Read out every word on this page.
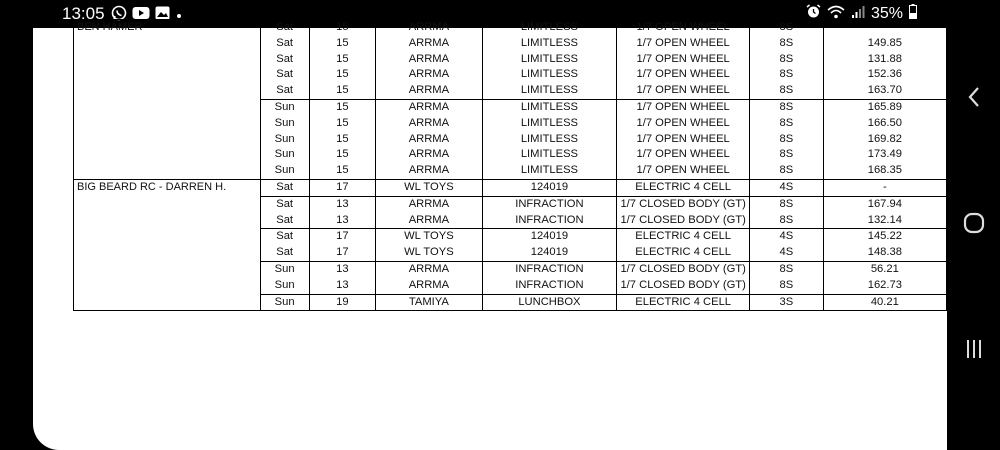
13:05	35%
BEN HAMER	Sat	15	ARRMA	LIMITLESS	1/7 OPEN WHEEL	8S	
	Sat	15	ARRMA	LIMITLESS	1/7 OPEN WHEEL	8S	149.85
	Sat	15	ARRMA	LIMITLESS	1/7 OPEN WHEEL	8S	131.88
	Sat	15	ARRMA	LIMITLESS	1/7 OPEN WHEEL	8S	152.36
	Sat	15	ARRMA	LIMITLESS	1/7 OPEN WHEEL	8S	163.70
	Sun	15	ARRMA	LIMITLESS	1/7 OPEN WHEEL	8S	165.89
	Sun	15	ARRMA	LIMITLESS	1/7 OPEN WHEEL	8S	166.50
	Sun	15	ARRMA	LIMITLESS	1/7 OPEN WHEEL	8S	169.82
	Sun	15	ARRMA	LIMITLESS	1/7 OPEN WHEEL	8S	173.49
	Sun	15	ARRMA	LIMITLESS	1/7 OPEN WHEEL	8S	168.35
BIG BEARD RC - DARREN H.	Sat	17	WL TOYS	124019	ELECTRIC 4 CELL	4S	-
	Sat	13	ARRMA	INFRACTION	1/7 CLOSED BODY (GT)	8S	167.94
	Sat	13	ARRMA	INFRACTION	1/7 CLOSED BODY (GT)	8S	132.14
	Sat	17	WL TOYS	124019	ELECTRIC 4 CELL	4S	145.22
	Sat	17	WL TOYS	124019	ELECTRIC 4 CELL	4S	148.38
	Sun	13	ARRMA	INFRACTION	1/7 CLOSED BODY (GT)	8S	56.21
	Sun	13	ARRMA	INFRACTION	1/7 CLOSED BODY (GT)	8S	162.73
	Sun	19	TAMIYA	LUNCHBOX	ELECTRIC 4 CELL	3S	40.21
